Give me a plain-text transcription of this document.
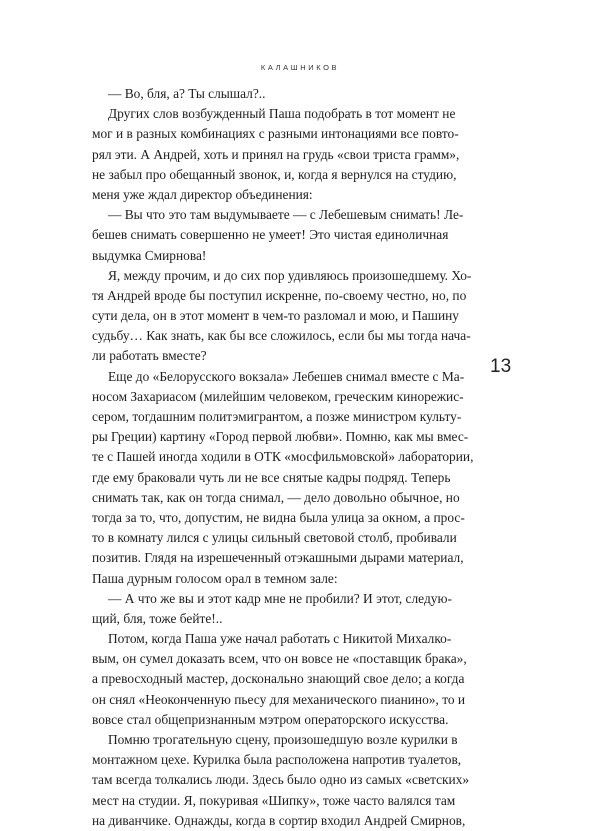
КАЛАШНИКОВ
— Во, бля, а? Ты слышал?..
Других слов возбужденный Паша подобрать в тот момент не
мог и в разных комбинациях с разными интонациями все повто-
рял эти. А Андрей, хоть и принял на грудь «свои триста грамм»,
не забыл про обещанный звонок, и, когда я вернулся на студию,
меня уже ждал директор объединения:
— Вы что это там выдумываете — с Лебешевым снимать! Ле-
бешев снимать совершенно не умеет! Это чистая единоличная
выдумка Смирнова!
Я, между прочим, и до сих пор удивляюсь произошедшему. Хо-
тя Андрей вроде бы поступил искренне, по-своему честно, но, по
сути дела, он в этот момент в чем-то разломал и мою, и Пашину
судьбу… Как знать, как бы все сложилось, если бы мы тогда нача-
ли работать вместе?
Еще до «Белорусского вокзала» Лебешев снимал вместе с Ма-
носом Захариасом (милейшим человеком, греческим кинорежис-
сером, тогдашним политэмигрантом, а позже министром культу-
ры Греции) картину «Город первой любви». Помню, как мы вмес-
те с Пашей иногда ходили в ОТК «мосфильмовской» лаборатории,
где ему браковали чуть ли не все снятые кадры подряд. Теперь
снимать так, как он тогда снимал, — дело довольно обычное, но
тогда за то, что, допустим, не видна была улица за окном, а прос-
то в комнату лился с улицы сильный световой столб, пробивали
позитив. Глядя на изрешеченный отэкашными дырами материал,
Паша дурным голосом орал в темном зале:
— А что же вы и этот кадр мне не пробили? И этот, следую-
щий, бля, тоже бейте!..
Потом, когда Паша уже начал работать с Никитой Михалко-
вым, он сумел доказать всем, что он вовсе не «поставщик брака»,
а превосходный мастер, досконально знающий свое дело; а когда
он снял «Неоконченную пьесу для механического пианино», то и
вовсе стал общепризнанным мэтром операторского искусства.
Помню трогательную сцену, произошедшую возле курилки в
монтажном цехе. Курилка была расположена напротив туалетов,
там всегда толкались люди. Здесь было одно из самых «светских»
мест на студии. Я, покуривая «Шипку», тоже часто валялся там
на диванчике. Однажды, когда в сортир входил Андрей Смирнов,
13
